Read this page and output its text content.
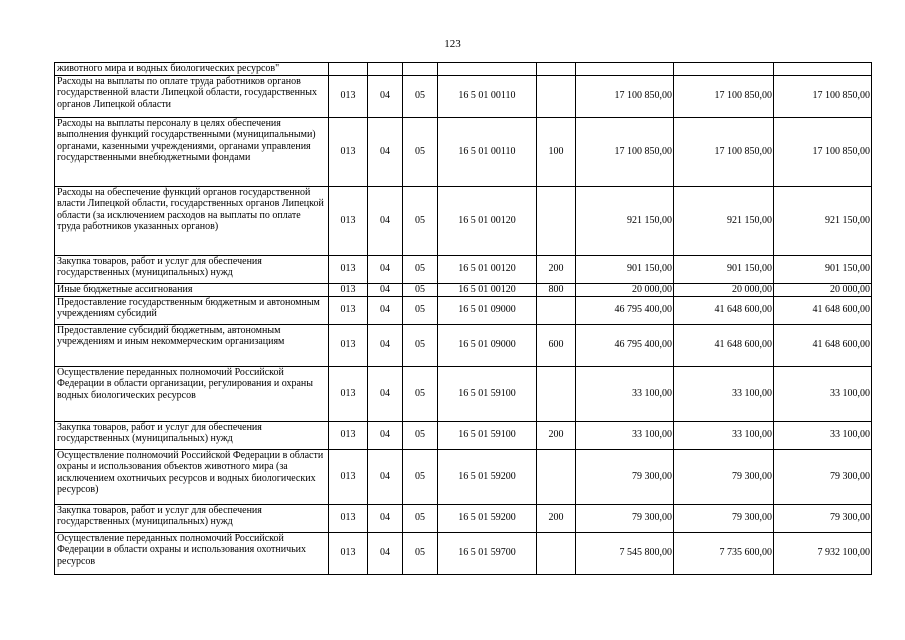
123
животного мира и водных биологических ресурсов"								
Расходы на выплаты по оплате труда работников органов государственной власти Липецкой области, государственных органов Липецкой области	013	04	05	16 5 01 00110		17 100 850,00	17 100 850,00	17 100 850,00
Расходы на выплаты персоналу в целях обеспечения выполнения функций государственными (муниципальными) органами, казенными учреждениями, органами управления государственными внебюджетными фондами	013	04	05	16 5 01 00110	100	17 100 850,00	17 100 850,00	17 100 850,00
Расходы на обеспечение функций органов государственной власти Липецкой области, государственных органов Липецкой области (за исключением расходов на выплаты по оплате труда работников указанных органов)	013	04	05	16 5 01 00120		921 150,00	921 150,00	921 150,00
Закупка товаров, работ и услуг для обеспечения государственных (муниципальных) нужд	013	04	05	16 5 01 00120	200	901 150,00	901 150,00	901 150,00
Иные бюджетные ассигнования	013	04	05	16 5 01 00120	800	20 000,00	20 000,00	20 000,00
Предоставление государственным бюджетным и автономным учреждениям субсидий	013	04	05	16 5 01 09000		46 795 400,00	41 648 600,00	41 648 600,00
Предоставление субсидий бюджетным, автономным учреждениям и иным некоммерческим организациям	013	04	05	16 5 01 09000	600	46 795 400,00	41 648 600,00	41 648 600,00
Осуществление переданных полномочий Российской Федерации в области организации, регулирования и охраны водных биологических ресурсов	013	04	05	16 5 01 59100		33 100,00	33 100,00	33 100,00
Закупка товаров, работ и услуг для обеспечения государственных (муниципальных) нужд	013	04	05	16 5 01 59100	200	33 100,00	33 100,00	33 100,00
Осуществление полномочий Российской Федерации в области охраны и использования объектов животного мира (за исключением охотничьих ресурсов и водных биологических ресурсов)	013	04	05	16 5 01 59200		79 300,00	79 300,00	79 300,00
Закупка товаров, работ и услуг для обеспечения государственных (муниципальных) нужд	013	04	05	16 5 01 59200	200	79 300,00	79 300,00	79 300,00
Осуществление переданных полномочий Российской Федерации в области охраны и использования охотничьих ресурсов	013	04	05	16 5 01 59700		7 545 800,00	7 735 600,00	7 932 100,00
